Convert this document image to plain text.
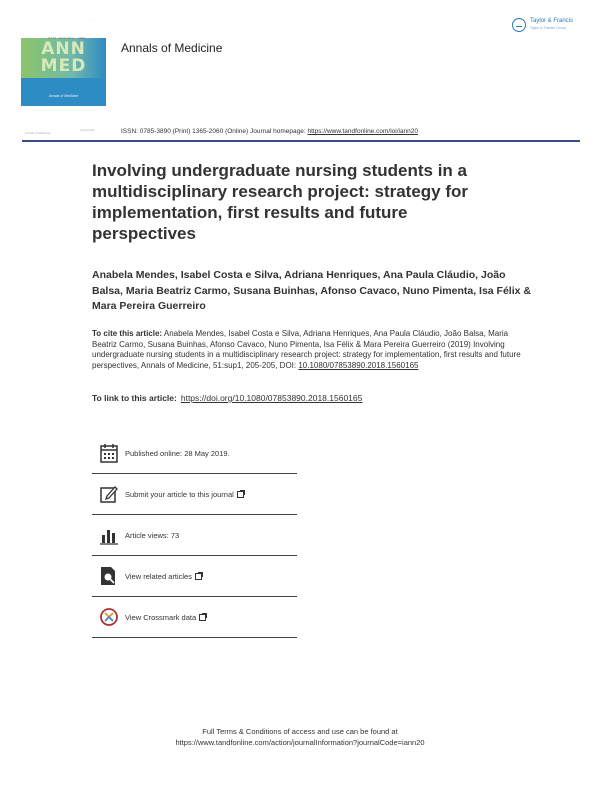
ANN MED
Annals of Medicine
Vol 51 · September · · 2019
· · · · ·
Annals of Medicine
Taylor & Francis
Taylor & Francis Group
Annals of Medicine
Crossmark	ISSN: 0785-3890 (Print) 1365-2060 (Online) Journal homepage: https://www.tandfonline.com/loi/iann20
Involving undergraduate nursing students in a multidisciplinary research project: strategy for implementation, first results and future perspectives
Anabela Mendes, Isabel Costa e Silva, Adriana Henriques, Ana Paula Cláudio, João Balsa, Maria Beatriz Carmo, Susana Buinhas, Afonso Cavaco, Nuno Pimenta, Isa Félix & Mara Pereira Guerreiro
To cite this article: Anabela Mendes, Isabel Costa e Silva, Adriana Henriques, Ana Paula Cláudio, João Balsa, Maria Beatriz Carmo, Susana Buinhas, Afonso Cavaco, Nuno Pimenta, Isa Félix & Mara Pereira Guerreiro (2019) Involving undergraduate nursing students in a multidisciplinary research project: strategy for implementation, first results and future perspectives, Annals of Medicine, 51:sup1, 205-205, DOI: 10.1080/07853890.2018.1560165
To link to this article: https://doi.org/10.1080/07853890.2018.1560165
Published online: 28 May 2019.
Submit your article to this journal
Article views: 73
View related articles
View Crossmark data
Full Terms & Conditions of access and use can be found at
https://www.tandfonline.com/action/journalInformation?journalCode=iann20
